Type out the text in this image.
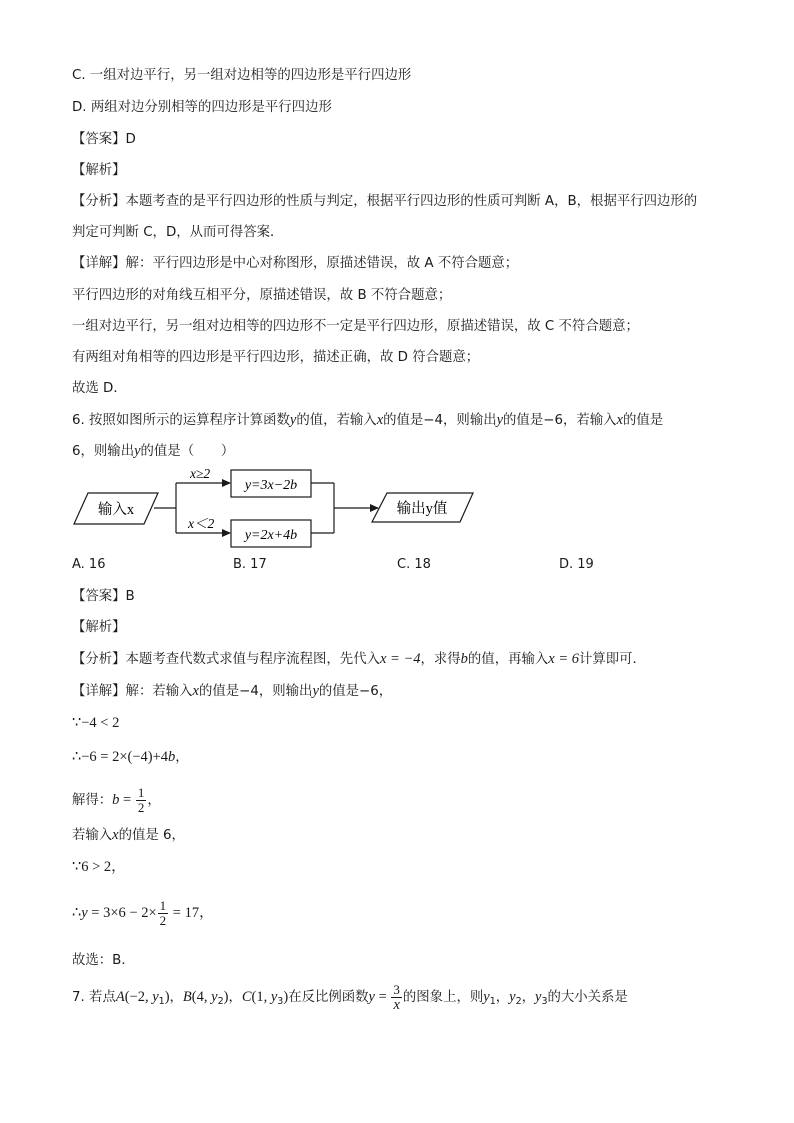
C. 一组对边平行，另一组对边相等的四边形是平行四边形
D. 两组对边分别相等的四边形是平行四边形
【答案】D
【解析】
【分析】本题考查的是平行四边形的性质与判定，根据平行四边形的性质可判断 A，B，根据平行四边形的
判定可判断 C，D，从而可得答案．
【详解】解：平行四边形是中心对称图形，原描述错误，故 A 不符合题意；
平行四边形的对角线互相平分，原描述错误，故 B 不符合题意；
一组对边平行，另一组对边相等的四边形不一定是平行四边形，原描述错误，故 C 不符合题意；
有两组对角相等的四边形是平行四边形，描述正确，故 D 符合题意；
故选 D．
6. 按照如图所示的运算程序计算函数y的值，若输入x的值是−4，则输出y的值是−6，若输入x的值是
6，则输出y的值是（　　）
输入x
x≥2
x＜2
y=3x−2b
y=2x+4b
输出y值
A. 16	B. 17	C. 18	D. 19
【答案】B
【解析】
【分析】本题考查代数式求值与程序流程图，先代入x = −4，求得b的值，再输入x = 6计算即可．
【详解】解：若输入x的值是−4，则输出y的值是−6，
∵−4 < 2
∴−6 = 2×(−4)+4b，
解得：$b = \frac{1}{2}$ ，
若输入x的值是 6，
∵6 > 2，
∴y = $3\times 6 - 2\times \frac{1}{2} = 17$，
故选：B．
7. 若点A(−2, $y_1$)，B(4, $y_2$)，C(1, $y_3$)在反比例函数$y = \frac{3}{x}$ 的图象上，则$y_1$，$y_2$，$y_3$的大小关系是
